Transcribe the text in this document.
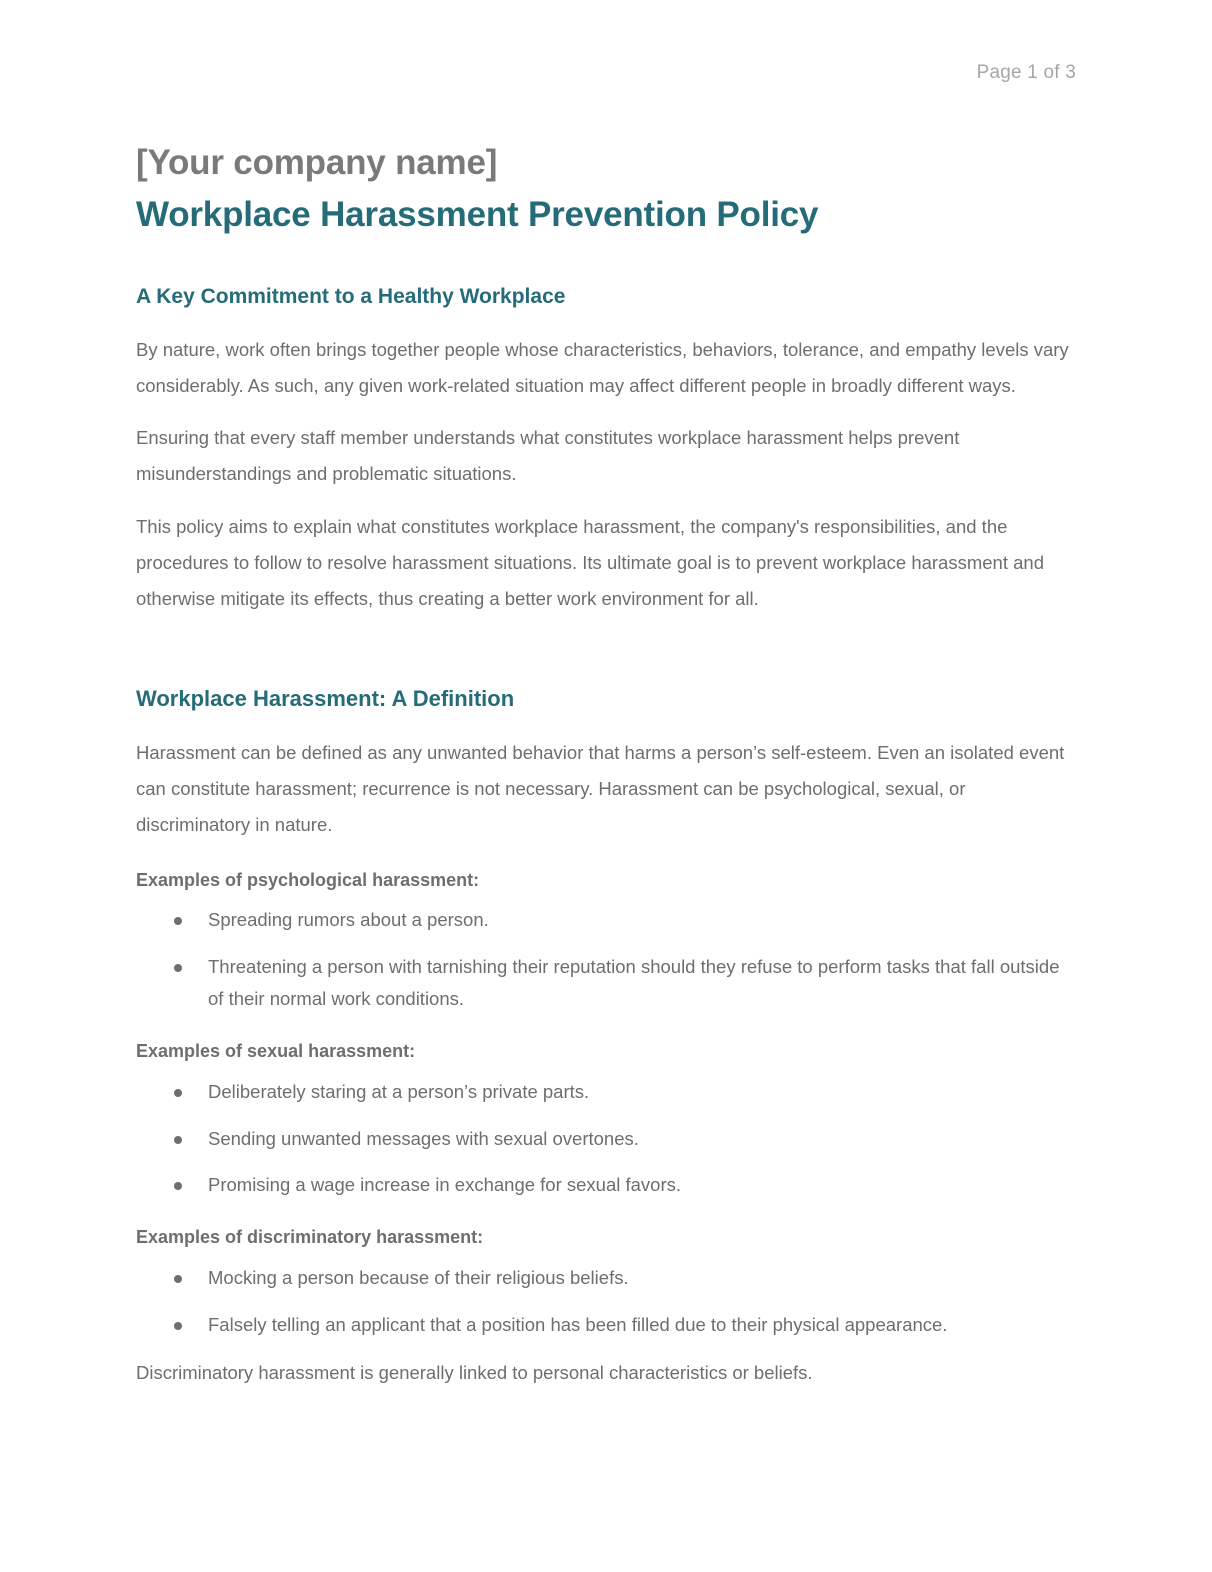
Page 1 of 3
[Your company name]
Workplace Harassment Prevention Policy
A Key Commitment to a Healthy Workplace

By nature, work often brings together people whose characteristics, behaviors, tolerance, and empathy levels vary considerably. As such, any given work-related situation may affect different people in broadly different ways.

Ensuring that every staff member understands what constitutes workplace harassment helps prevent misunderstandings and problematic situations.

This policy aims to explain what constitutes workplace harassment, the company's responsibilities, and the procedures to follow to resolve harassment situations. Its ultimate goal is to prevent workplace harassment and otherwise mitigate its effects, thus creating a better work environment for all.

Workplace Harassment: A Definition

Harassment can be defined as any unwanted behavior that harms a person’s self-esteem. Even an isolated event can constitute harassment; recurrence is not necessary. Harassment can be psychological, sexual, or discriminatory in nature.

Examples of psychological harassment:

Spreading rumors about a person.
Threatening a person with tarnishing their reputation should they refuse to perform tasks that fall outside of their normal work conditions.

Examples of sexual harassment:

Deliberately staring at a person’s private parts.
Sending unwanted messages with sexual overtones.
Promising a wage increase in exchange for sexual favors.

Examples of discriminatory harassment:

Mocking a person because of their religious beliefs.
Falsely telling an applicant that a position has been filled due to their physical appearance.

Discriminatory harassment is generally linked to personal characteristics or beliefs.
